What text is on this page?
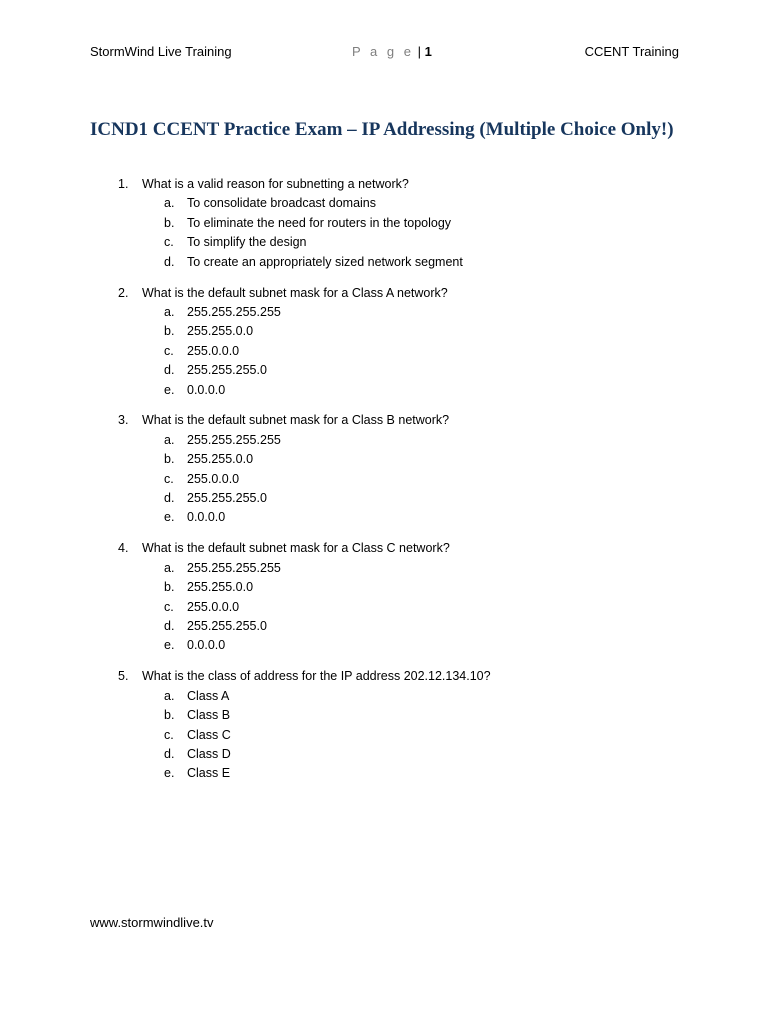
StormWind Live Training	P a g e | 1	CCENT Training
ICND1 CCENT Practice Exam – IP Addressing (Multiple Choice Only!)
1. What is a valid reason for subnetting a network?
a. To consolidate broadcast domains
b. To eliminate the need for routers in the topology
c. To simplify the design
d. To create an appropriately sized network segment
2. What is the default subnet mask for a Class A network?
a. 255.255.255.255
b. 255.255.0.0
c. 255.0.0.0
d. 255.255.255.0
e. 0.0.0.0
3. What is the default subnet mask for a Class B network?
a. 255.255.255.255
b. 255.255.0.0
c. 255.0.0.0
d. 255.255.255.0
e. 0.0.0.0
4. What is the default subnet mask for a Class C network?
a. 255.255.255.255
b. 255.255.0.0
c. 255.0.0.0
d. 255.255.255.0
e. 0.0.0.0
5. What is the class of address for the IP address 202.12.134.10?
a. Class A
b. Class B
c. Class C
d. Class D
e. Class E
www.stormwindlive.tv
